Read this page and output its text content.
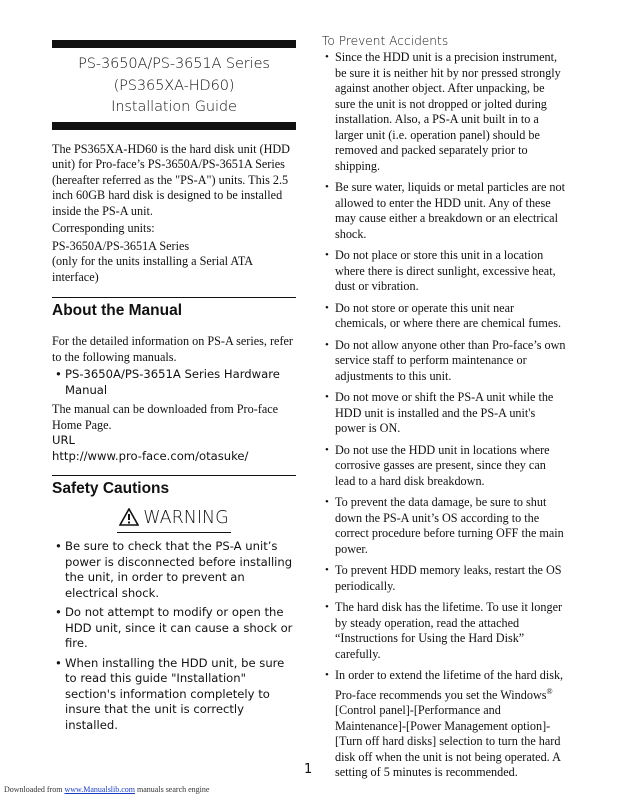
PS-3650A/PS-3651A Series
(PS365XA-HD60)
Installation Guide

The PS365XA-HD60 is the hard disk unit (HDD unit) for Pro-face’s PS-3650A/PS-3651A Series (hereafter referred as the "PS-A") units. This 2.5 inch 60GB hard disk is designed to be installed inside the PS-A unit.

Corresponding units:

PS-3650A/PS-3651A Series

(only for the units installing a Serial ATA interface)

About the Manual

For the detailed information on PS-A series, refer to the following manuals.

• PS-3650A/PS-3651A Series Hardware Manual

The manual can be downloaded from Pro-face Home Page.

URL
http://www.pro-face.com/otasuke/
Safety Cautions
WARNING
• Be sure to check that the PS-A unit’s power is disconnected before installing the unit, in order to prevent an electrical shock.
• Do not attempt to modify or open the HDD unit, since it can cause a shock or fire.
• When installing the HDD unit, be sure to read this guide "Installation" section's information completely to insure that the unit is correctly installed.
To Prevent Accidents
• Since the HDD unit is a precision instrument, be sure it is neither hit by nor pressed strongly against another object. After unpacking, be sure the unit is not dropped or jolted during installation. Also, a PS-A unit built in to a larger unit (i.e. operation panel) should be removed and packed separately prior to shipping.
• Be sure water, liquids or metal particles are not allowed to enter the HDD unit. Any of these may cause either a breakdown or an electrical shock.
• Do not place or store this unit in a location where there is direct sunlight, excessive heat, dust or vibration.
• Do not store or operate this unit near chemicals, or where there are chemical fumes.
• Do not allow anyone other than Pro-face’s own service staff to perform maintenance or adjustments to this unit.
• Do not move or shift the PS-A unit while the HDD unit is installed and the PS-A unit's power is ON.
• Do not use the HDD unit in locations where corrosive gasses are present, since they can lead to a hard disk breakdown.
• To prevent the data damage, be sure to shut down the PS-A unit’s OS according to the correct procedure before turning OFF the main power.
• To prevent HDD memory leaks, restart the OS periodically.
• The hard disk has the lifetime. To use it longer by steady operation, read the attached “Instructions for Using the Hard Disk” carefully.
• In order to extend the lifetime of the hard disk, Pro-face recommends you set the Windows® [Control panel]-[Performance and Maintenance]-[Power Management option]-[Turn off hard disks] selection to turn the hard disk off when the unit is not being operated. A setting of 5 minutes is recommended.
1
Downloaded from www.Manualslib.com manuals search engine
